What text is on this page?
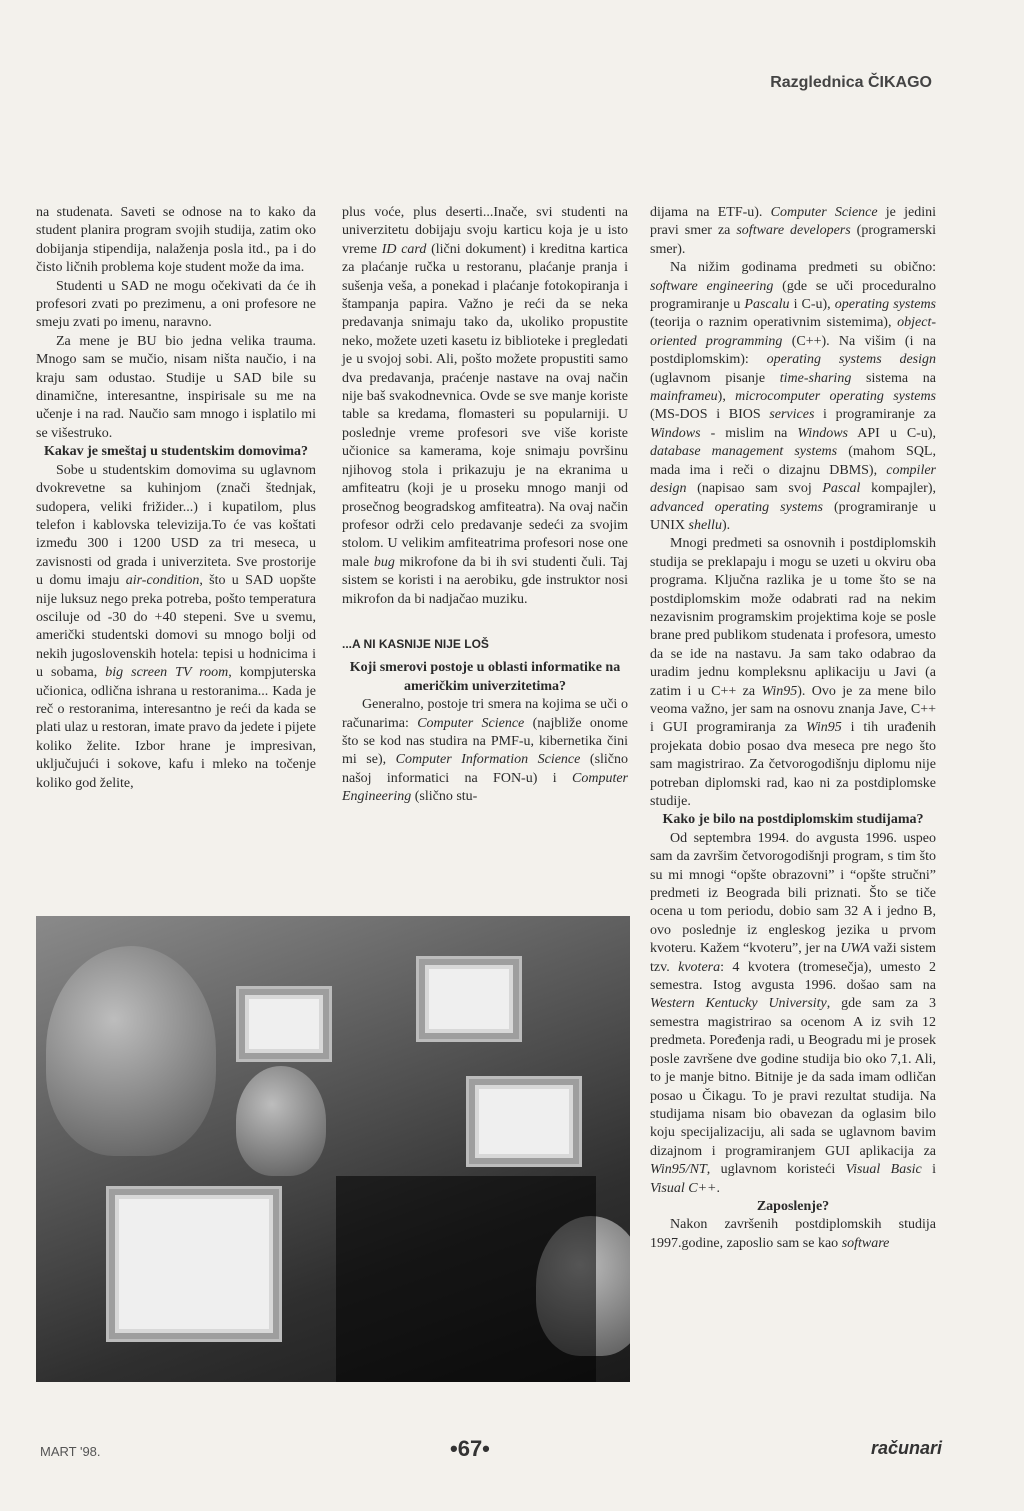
Razglednica ČIKAGO

na studenata. Saveti se odnose na to kako da student planira program svojih studija, zatim oko dobijanja stipendija, nalaženja posla itd., pa i do čisto ličnih problema koje student može da ima.

Studenti u SAD ne mogu očekivati da će ih profesori zvati po prezimenu, a oni profesore ne smeju zvati po imenu, naravno.

Za mene je BU bio jedna velika trauma. Mnogo sam se mučio, nisam ništa naučio, i na kraju sam odustao. Studije u SAD bile su dinamične, interesantne, inspirisale su me na učenje i na rad. Naučio sam mnogo i isplatilo mi se višestruko.

Kakav je smeštaj u studentskim domovima?

Sobe u studentskim domovima su uglavnom dvokrevetne sa kuhinjom (znači štednjak, sudopera, veliki frižider...) i kupatilom, plus telefon i kablovska televizija.To će vas koštati između 300 i 1200 USD za tri meseca, u zavisnosti od grada i univerziteta. Sve prostorije u domu imaju air-condition, što u SAD uopšte nije luksuz nego preka potreba, pošto temperatura osciluje od -30 do +40 stepeni. Sve u svemu, američki studentski domovi su mnogo bolji od nekih jugoslovenskih hotela: tepisi u hodnicima i u sobama, big screen TV room, kompjuterska učionica, odlična ishrana u restoranima... Kada je reč o restoranima, interesantno je reći da kada se plati ulaz u restoran, imate pravo da jedete i pijete koliko želite. Izbor hrane je impresivan, uključujući i sokove, kafu i mleko na točenje koliko god želite,

plus voće, plus deserti...Inače, svi studenti na univerzitetu dobijaju svoju karticu koja je u isto vreme ID card (lični dokument) i kreditna kartica za plaćanje ručka u restoranu, plaćanje pranja i sušenja veša, a ponekad i plaćanje fotokopiranja i štampanja papira. Važno je reći da se neka predavanja snimaju tako da, ukoliko propustite neko, možete uzeti kasetu iz biblioteke i pregledati je u svojoj sobi. Ali, pošto možete propustiti samo dva predavanja, praćenje nastave na ovaj način nije baš svakodnevnica. Ovde se sve manje koriste table sa kredama, flomasteri su popularniji. U poslednje vreme profesori sve više koriste učionice sa kamerama, koje snimaju površinu njihovog stola i prikazuju je na ekranima u amfiteatru (koji je u proseku mnogo manji od prosečnog beogradskog amfiteatra). Na ovaj način profesor održi celo predavanje sedeći za svojim stolom. U velikim amfiteatrima profesori nose one male bug mikrofone da bi ih svi studenti čuli. Taj sistem se koristi i na aerobiku, gde instruktor nosi mikrofon da bi nadjačao muziku.

...A NI KASNIJE NIJE LOŠ

Koji smerovi postoje u oblasti informatike na američkim univerzitetima?

Generalno, postoje tri smera na kojima se uči o računarima: Computer Science (najbliže onome što se kod nas studira na PMF-u, kibernetika čini mi se), Computer Information Science (slično našoj informatici na FON-u) i Computer Engineering (slično stu-

dijama na ETF-u). Computer Science je jedini pravi smer za software developers (programerski smer).

Na nižim godinama predmeti su obično: software engineering (gde se uči proceduralno programiranje u Pascalu i C-u), operating systems (teorija o raznim operativnim sistemima), object-oriented programming (C++). Na višim (i na postdiplomskim): operating systems design (uglavnom pisanje time-sharing sistema na mainframeu), microcomputer operating systems (MS-DOS i BIOS services i programiranje za Windows - mislim na Windows API u C-u), database management systems (mahom SQL, mada ima i reči o dizajnu DBMS), compiler design (napisao sam svoj Pascal kompajler), advanced operating systems (programiranje u UNIX shellu).

Mnogi predmeti sa osnovnih i postdiplomskih studija se preklapaju i mogu se uzeti u okviru oba programa. Ključna razlika je u tome što se na postdiplomskim može odabrati rad na nekim nezavisnim programskim projektima koje se posle brane pred publikom studenata i profesora, umesto da se ide na nastavu. Ja sam tako odabrao da uradim jednu kompleksnu aplikaciju u Javi (a zatim i u C++ za Win95). Ovo je za mene bilo veoma važno, jer sam na osnovu znanja Jave, C++ i GUI programiranja za Win95 i tih urađenih projekata dobio posao dva meseca pre nego što sam magistrirao. Za četvorogodišnju diplomu nije potreban diplomski rad, kao ni za postdiplomske studije.

Kako je bilo na postdiplomskim studijama?

Od septembra 1994. do avgusta 1996. uspeo sam da završim četvorogodišnji program, s tim što su mi mnogi “opšte obrazovni” i “opšte stručni” predmeti iz Beograda bili priznati. Što se tiče ocena u tom periodu, dobio sam 32 A i jedno B, ovo poslednje iz engleskog jezika u prvom kvoteru. Kažem “kvoteru”, jer na UWA važi sistem tzv. kvotera: 4 kvotera (tromesečja), umesto 2 semestra. Istog avgusta 1996. došao sam na Western Kentucky University, gde sam za 3 semestra magistrirao sa ocenom A iz svih 12 predmeta. Poređenja radi, u Beogradu mi je prosek posle završene dve godine studija bio oko 7,1. Ali, to je manje bitno. Bitnije je da sada imam odličan posao u Čikagu. To je pravi rezultat studija. Na studijama nisam bio obavezan da oglasim bilo koju specijalizaciju, ali sada se uglavnom bavim dizajnom i programiranjem GUI aplikacija za Win95/NT, uglavnom koristeći Visual Basic i Visual C++.

Zaposlenje?

Nakon završenih postdiplomskih studija 1997.godine, zaposlio sam se kao software

MART '98.	•67•	računari
